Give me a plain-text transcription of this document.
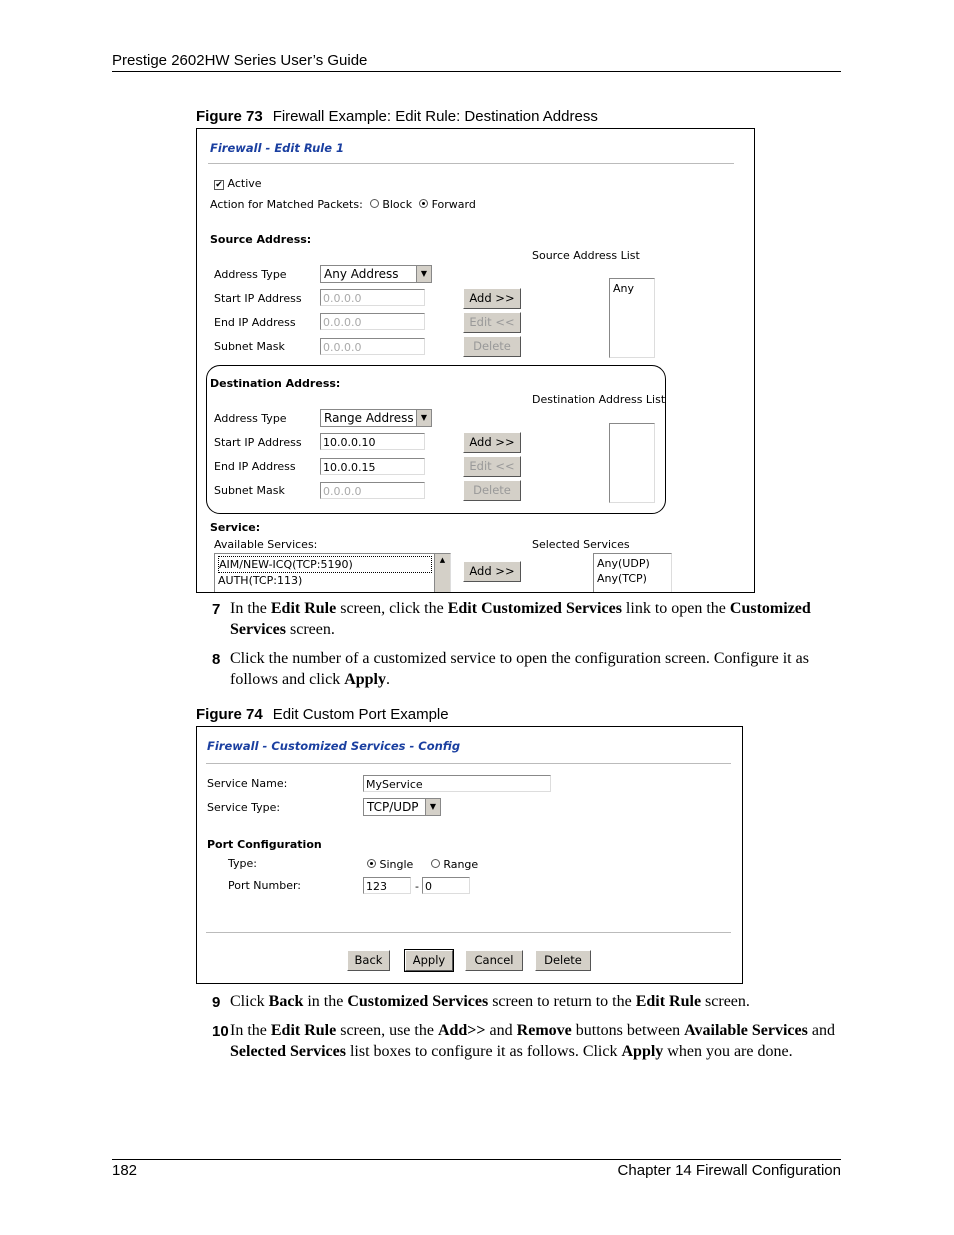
Prestige 2602HW Series User’s Guide
Figure 73 Firewall Example: Edit Rule: Destination Address
Firewall - Edit Rule 1
✔ Active
Action for Matched Packets: Block Forward
Source Address:
Source Address List
Address Type	Any Address	▼
Start IP Address 0.0.0.0	Add >>
End IP Address 0.0.0.0	Edit <<
Subnet Mask	0.0.0.0	Delete
Any
Destination Address:
Destination Address List
Address Type	Range Address ▼
Start IP Address 10.0.0.10	Add >>
End IP Address 10.0.0.15	Edit <<
Subnet Mask	0.0.0.0	Delete
Service:
Available Services:	Selected Services
AIM/NEW-ICQ(TCP:5190)
AUTH(TCP:113)
▲
Add >>
Any(UDP)
Any(TCP)
7 In the Edit Rule screen, click the Edit Customized Services link to open the Customized Services screen.
8 Click the number of a customized service to open the configuration screen. Configure it as follows and click Apply.
Figure 74 Edit Custom Port Example
Firewall - Customized Services - Config
Service Name:	MyService
Service Type:	TCP/UDP	▼
Port Configuration
Type:	Single	Range
Port Number:	123	- 0
Back	Apply	Cancel	Delete
9 Click Back in the Customized Services screen to return to the Edit Rule screen.
10 In the Edit Rule screen, use the Add>> and Remove buttons between Available Services and Selected Services list boxes to configure it as follows. Click Apply when you are done.
182	Chapter 14 Firewall Configuration
